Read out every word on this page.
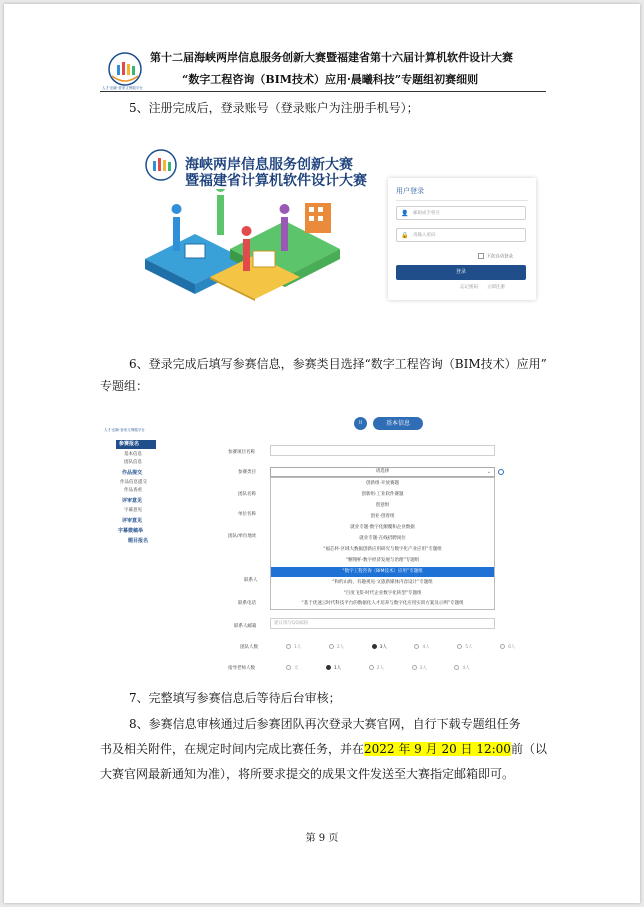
人才·创新·营来文例服平台
第十二届海峡两岸信息服务创新大赛暨福建省第十六届计算机软件设计大赛
“数字工程咨询（BIM技术）应用·晨曦科技”专题组初赛细则
5、注册完成后，登录账号（登录账户为注册手机号）；
海峡两岸信息服务创新大赛
暨福建省计算机软件设计大赛
用户登录
👤 邮箱或手机号
🔒 请输入密码
下次自动登录
登录
忘记密码 立即注册
6、登录完成后填写参赛信息，参赛类目选择“数字工程咨询（BIM技术）应用”
专题组：
人才·创新·营来文例服平台
参赛报名
基本信息
团队信息
作品提交
作品信息提交
作品查看
评审意见
字幕意见
评审意见
字幕微稿举
题目报名
li	基本信息
参赛项目名称
参赛类目	请选择	⌄
团队名称
单位名称
团队/单位地址
创新组·开放赛题
创新组·工业软件赛题
创意组
创业·创客组
就业专题·数字化颠覆和企业数据
就业专题·在线招聘岗位
“福芯杯·区域大数据创新应用研究与数字化产业应用”专题组
“翱翔杯·数字经济发展与治理”专题组
“数字工程咨询（BIM技术）应用”专题组
“和约山海，有趣视见·文旅新媒体内容设计”专题组
“百度飞桨·时代企业数字化转型”专题组
“基于优速云时代科技平台的数据化人才培养与数字化应用实训方案及示例”专题组
联系人
联系电话
联系人邮箱
建议填写QQ邮箱
团队人数	1人	2人	3人	4人	5人	6人
指导老师人数	无	1人	2人	3人	4人
7、完整填写参赛信息后等待后台审核；
8、参赛信息审核通过后参赛团队再次登录大赛官网，自行下载专题组任务
书及相关附件，在规定时间内完成比赛任务，并在2022 年 9 月 20 日 12:00前（以
大赛官网最新通知为准），将所要求提交的成果文件发送至大赛指定邮箱即可。
第 9 页
